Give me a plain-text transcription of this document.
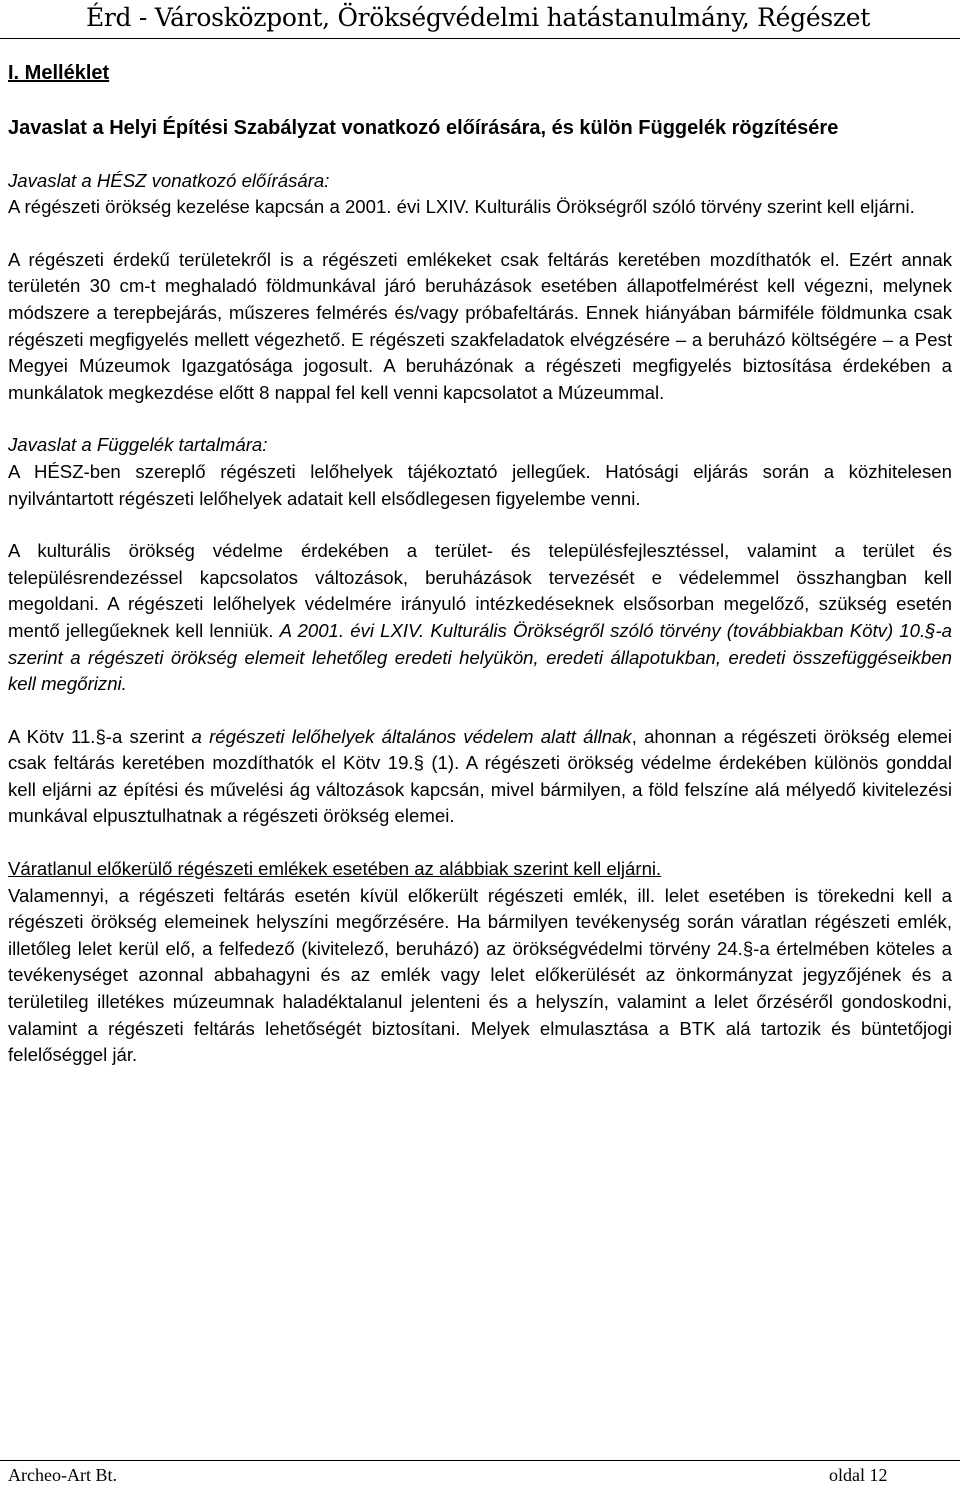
Érd - Városközpont, Örökségvédelmi hatástanulmány, Régészet

I. Melléklet

Javaslat a Helyi Építési Szabályzat vonatkozó előírására, és külön Függelék rögzítésére

Javaslat a HÉSZ vonatkozó előírására:

A régészeti örökség kezelése kapcsán a 2001. évi LXIV. Kulturális Örökségről szóló törvény szerint kell eljárni.

A régészeti érdekű területekről is a régészeti emlékeket csak feltárás keretében mozdíthatók el. Ezért annak területén 30 cm-t meghaladó földmunkával járó beruházások esetében állapotfelmérést kell végezni, melynek módszere a terepbejárás, műszeres felmérés és/vagy próbafeltárás. Ennek hiányában bármiféle földmunka csak régészeti megfigyelés mellett végezhető. E régészeti szakfeladatok elvégzésére – a beruházó költségére – a Pest Megyei Múzeumok Igazgatósága jogosult. A beruházónak a régészeti megfigyelés biztosítása érdekében a munkálatok megkezdése előtt 8 nappal fel kell venni kapcsolatot a Múzeummal.

Javaslat a Függelék tartalmára:

A HÉSZ-ben szereplő régészeti lelőhelyek tájékoztató jellegűek. Hatósági eljárás során a közhitelesen nyilvántartott régészeti lelőhelyek adatait kell elsődlegesen figyelembe venni.

A kulturális örökség védelme érdekében a terület- és településfejlesztéssel, valamint a terület és településrendezéssel kapcsolatos változások, beruházások tervezését e védelemmel összhangban kell megoldani. A régészeti lelőhelyek védelmére irányuló intézkedéseknek elsősorban megelőző, szükség esetén mentő jellegűeknek kell lenniük. A 2001. évi LXIV. Kulturális Örökségről szóló törvény (továbbiakban Kötv) 10.§-a szerint a régészeti örökség elemeit lehetőleg eredeti helyükön, eredeti állapotukban, eredeti összefüggéseikben kell megőrizni.

A Kötv 11.§-a szerint a régészeti lelőhelyek általános védelem alatt állnak, ahonnan a régészeti örökség elemei csak feltárás keretében mozdíthatók el Kötv 19.§ (1). A régészeti örökség védelme érdekében különös gonddal kell eljárni az építési és művelési ág változások kapcsán, mivel bármilyen, a föld felszíne alá mélyedő kivitelezési munkával elpusztulhatnak a régészeti örökség elemei.

Váratlanul előkerülő régészeti emlékek esetében az alábbiak szerint kell eljárni.

Valamennyi, a régészeti feltárás esetén kívül előkerült régészeti emlék, ill. lelet esetében is törekedni kell a régészeti örökség elemeinek helyszíni megőrzésére. Ha bármilyen tevékenység során váratlan régészeti emlék, illetőleg lelet kerül elő, a felfedező (kivitelező, beruházó) az örökségvédelmi törvény 24.§-a értelmében köteles a tevékenységet azonnal abbahagyni és az emlék vagy lelet előkerülését az önkormányzat jegyzőjének és a területileg illetékes múzeumnak haladéktalanul jelenteni és a helyszín, valamint a lelet őrzéséről gondoskodni, valamint a régészeti feltárás lehetőségét biztosítani. Melyek elmulasztása a BTK alá tartozik és büntetőjogi felelőséggel jár.

Archeo-Art Bt.	oldal 12
